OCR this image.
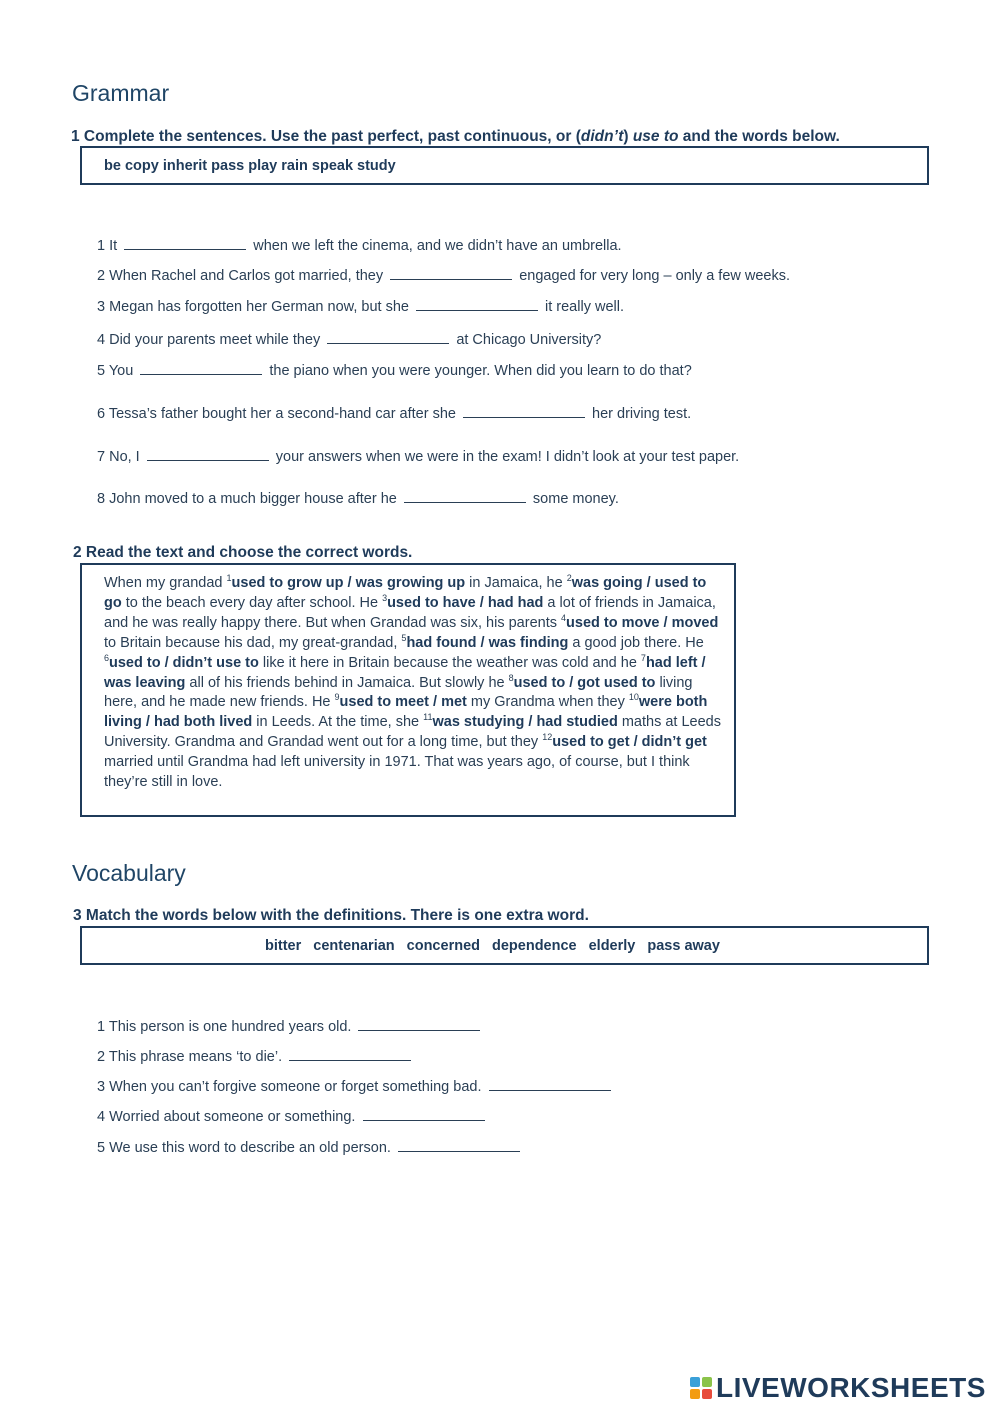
Grammar
1 Complete the sentences. Use the past perfect, past continuous, or (didn’t) use to and the words below.
be copy inherit pass play rain speak study
1 It	when we left the cinema, and we didn’t have an umbrella.
2 When Rachel and Carlos got married, they	engaged for very long – only a few weeks.
3 Megan has forgotten her German now, but she	it really well.
4 Did your parents meet while they	at Chicago University?
5 You	the piano when you were younger. When did you learn to do that?
6 Tessa’s father bought her a second-hand car after she	her driving test.
7 No, I	your answers when we were in the exam! I didn’t look at your test paper.
8 John moved to a much bigger house after he	some money.
2 Read the text and choose the correct words.
When my grandad $^1$used to grow up / was growing up in Jamaica, he $^2$was going / used to go to the beach every day after school. He $^3$used to have / had had a lot of friends in Jamaica, and he was really happy there. But when Grandad was six, his parents $^4$used to move / moved to Britain because his dad, my great-grandad, $^5$had found / was finding a good job there. He $^6$used to / didn’t use to like it here in Britain because the weather was cold and he $^7$had left / was leaving all of his friends behind in Jamaica. But slowly he $^8$used to / got used to living here, and he made new friends. He $^9$used to meet / met my Grandma when they $^{10}$were both living / had both lived in Leeds. At the time, she $^{11}$was studying / had studied maths at Leeds University. Grandma and Grandad went out for a long time, but they $^{12}$used to get / didn’t get married until Grandma had left university in 1971. That was years ago, of course, but I think they’re still in love.
Vocabulary
3 Match the words below with the definitions. There is one extra word.
bitter centenarian concerned dependence elderly pass away
1 This person is one hundred years old.
2 This phrase means ‘to die’.
3 When you can’t forgive someone or forget something bad.
4 Worried about someone or something.
5 We use this word to describe an old person.
LIVEWORKSHEETS
